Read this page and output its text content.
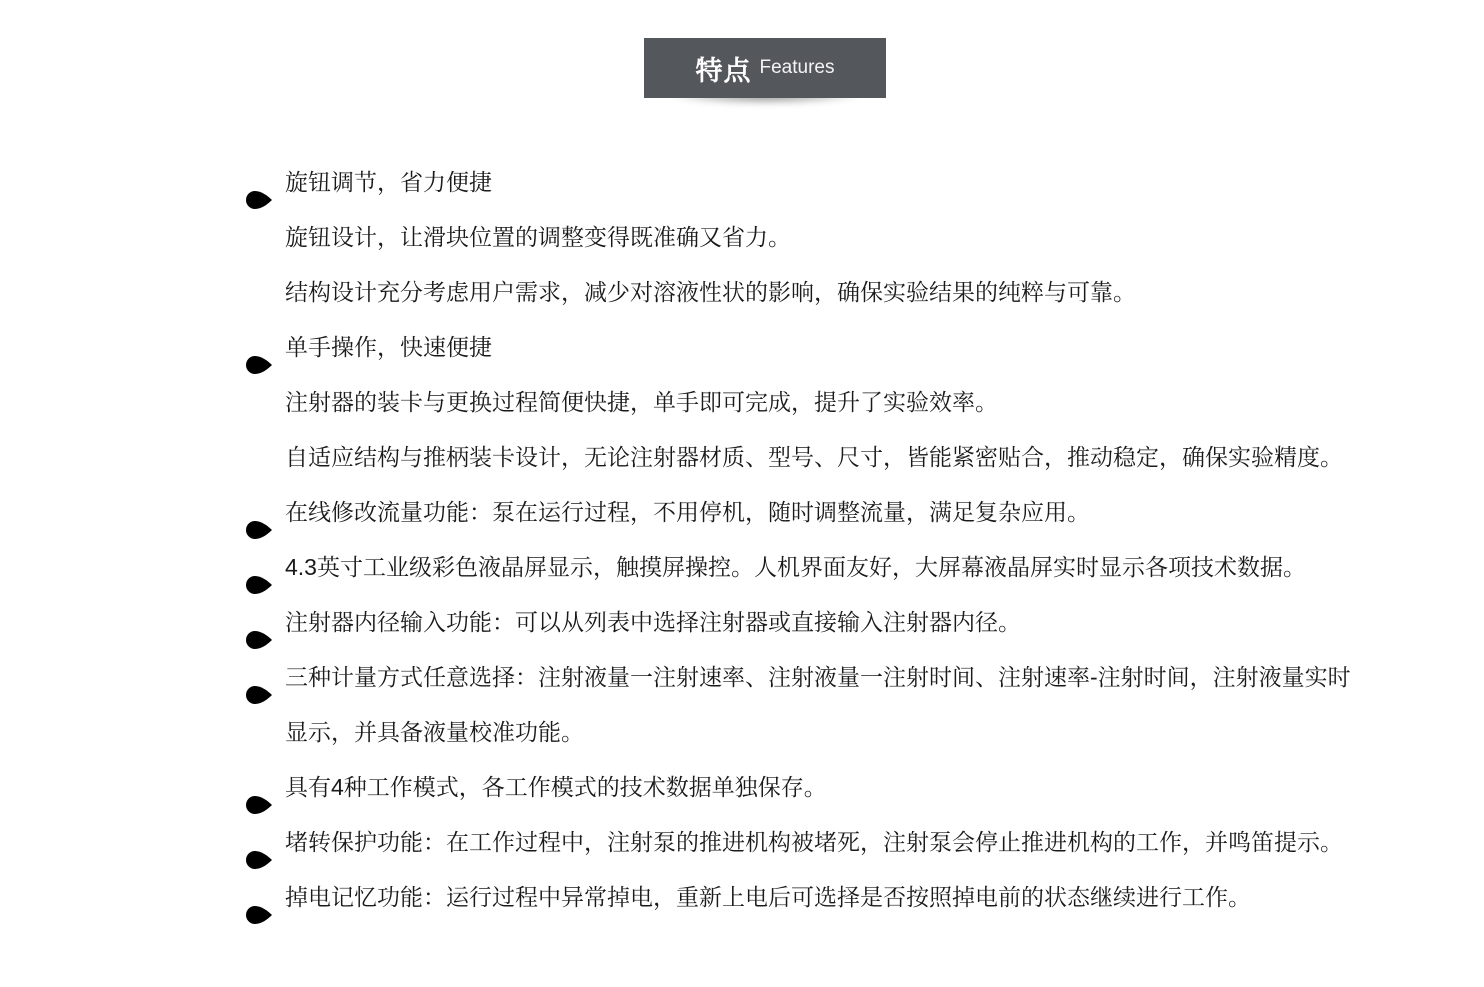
特点 Features
旋钮调节，省力便捷
旋钮设计，让滑块位置的调整变得既准确又省力。
结构设计充分考虑用户需求，减少对溶液性状的影响，确保实验结果的纯粹与可靠。
单手操作，快速便捷
注射器的装卡与更换过程简便快捷，单手即可完成，提升了实验效率。
自适应结构与推柄装卡设计，无论注射器材质、型号、尺寸，皆能紧密贴合，推动稳定，确保实验精度。
在线修改流量功能：泵在运行过程，不用停机，随时调整流量，满足复杂应用。
4.3英寸工业级彩色液晶屏显示，触摸屏操控。人机界面友好，大屏幕液晶屏实时显示各项技术数据。
注射器内径输入功能：可以从列表中选择注射器或直接输入注射器内径。
三种计量方式任意选择：注射液量一注射速率、注射液量一注射时间、注射速率-注射时间，注射液量实时
显示，并具备液量校准功能。
具有4种工作模式，各工作模式的技术数据单独保存。
堵转保护功能：在工作过程中，注射泵的推进机构被堵死，注射泵会停止推进机构的工作，并鸣笛提示。
掉电记忆功能：运行过程中异常掉电，重新上电后可选择是否按照掉电前的状态继续进行工作。
